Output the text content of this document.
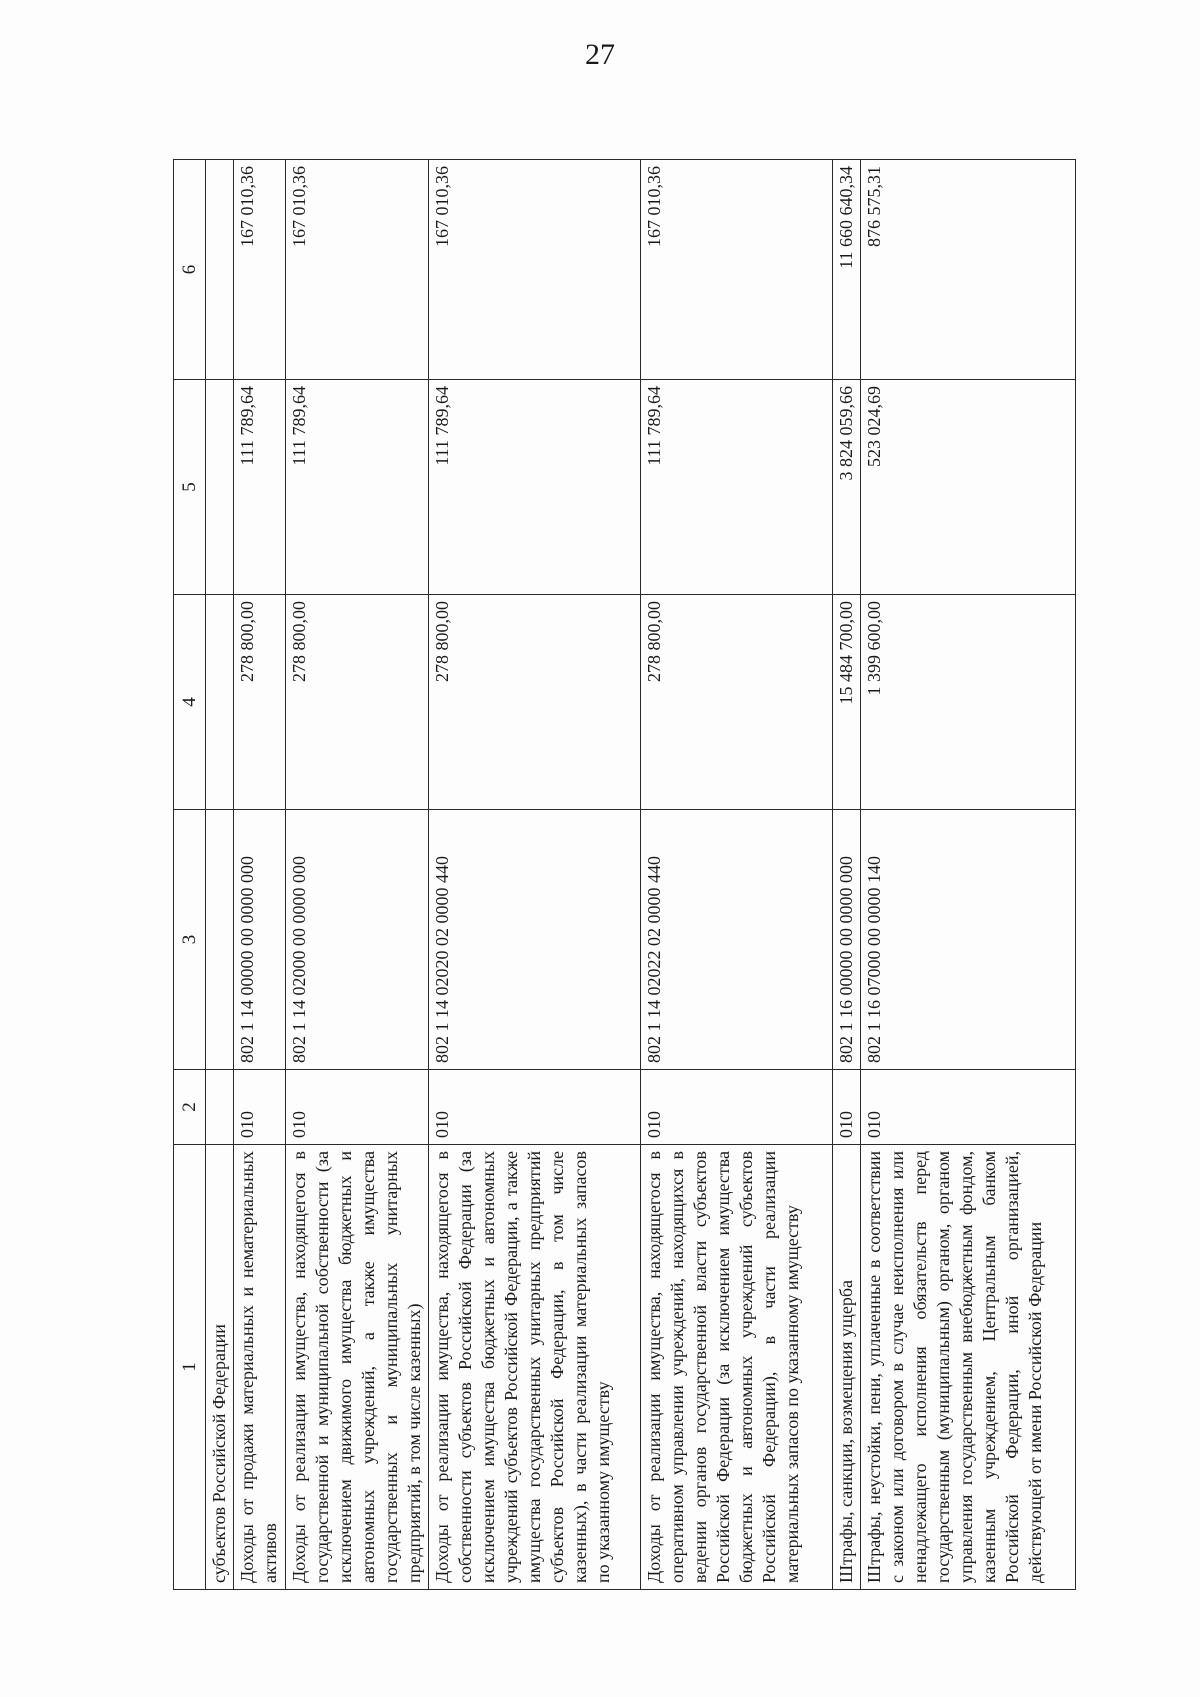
27
1	2	3	4	5	6
субъектов Российской Федерации					
Доходы от продажи материальных и нематериальных активов	010	802 1 14 00000 00 0000 000	278 800,00	111 789,64	167 010,36
Доходы от реализации имущества, находящегося в государственной и муниципальной собственности (за исключением движимого имущества бюджетных и автономных учреждений, а также имущества государственных и муниципальных унитарных предприятий, в том числе казенных)	010	802 1 14 02000 00 0000 000	278 800,00	111 789,64	167 010,36
Доходы от реализации имущества, находящегося в собственности субъектов Российской Федерации (за исключением имущества бюджетных и автономных учреждений субъектов Российской Федерации, а также имущества государственных унитарных предприятий субъектов Российской Федерации, в том числе казенных), в части реализации материальных запасов по указанному имуществу	010	802 1 14 02020 02 0000 440	278 800,00	111 789,64	167 010,36
Доходы от реализации имущества, находящегося в оперативном управлении учреждений, находящихся в ведении органов государственной власти субъектов Российской Федерации (за исключением имущества бюджетных и автономных учреждений субъектов Российской Федерации), в части реализации материальных запасов по указанному имуществу	010	802 1 14 02022 02 0000 440	278 800,00	111 789,64	167 010,36
Штрафы, санкции, возмещения ущерба	010	802 1 16 00000 00 0000 000	15 484 700,00	3 824 059,66	11 660 640,34
Штрафы, неустойки, пени, уплаченные в соответствии с законом или договором в случае неисполнения или ненадлежащего исполнения обязательств перед государственным (муниципальным) органом, органом управления государственным внебюджетным фондом, казенным учреждением, Центральным банком Российской Федерации, иной организацией, действующей от имени Российской Федерации	010	802 1 16 07000 00 0000 140	1 399 600,00	523 024,69	876 575,31
